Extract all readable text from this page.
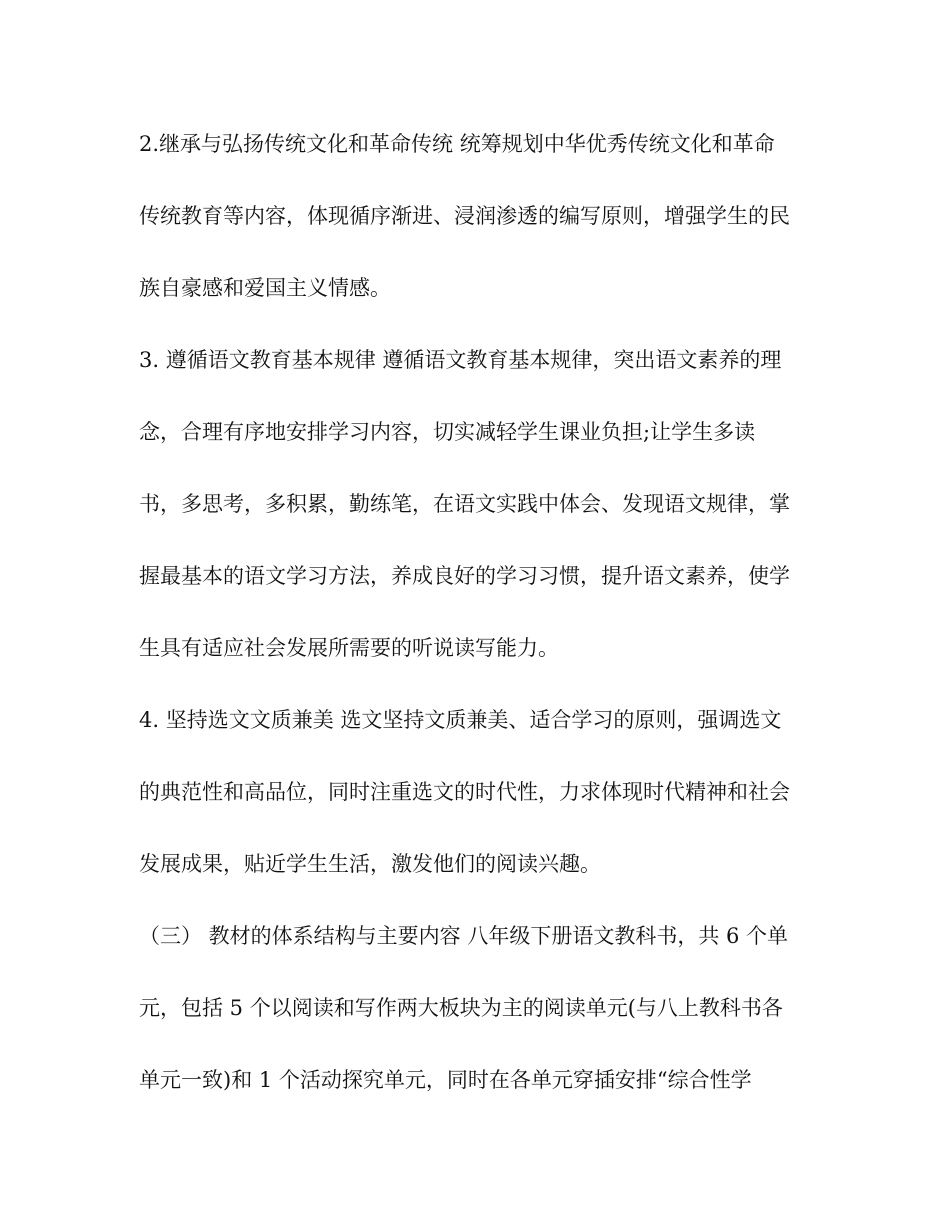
2.继承与弘扬传统文化和革命传统 统筹规划中华优秀传统文化和革命
传统教育等内容，体现循序渐进、浸润渗透的编写原则，增强学生的民
族自豪感和爱国主义情感。
3. 遵循语文教育基本规律 遵循语文教育基本规律，突出语文素养的理
念，合理有序地安排学习内容，切实减轻学生课业负担;让学生多读
书，多思考，多积累，勤练笔，在语文实践中体会、发现语文规律，掌
握最基本的语文学习方法，养成良好的学习习惯，提升语文素养，使学
生具有适应社会发展所需要的听说读写能力。
4. 坚持选文文质兼美 选文坚持文质兼美、适合学习的原则，强调选文
的典范性和高品位，同时注重选文的时代性，力求体现时代精神和社会
发展成果，贴近学生生活，激发他们的阅读兴趣。
（三） 教材的体系结构与主要内容 八年级下册语文教科书，共 6 个单
元，包括 5 个以阅读和写作两大板块为主的阅读单元(与八上教科书各
单元一致)和 1 个活动探究单元，同时在各单元穿插安排“综合性学
